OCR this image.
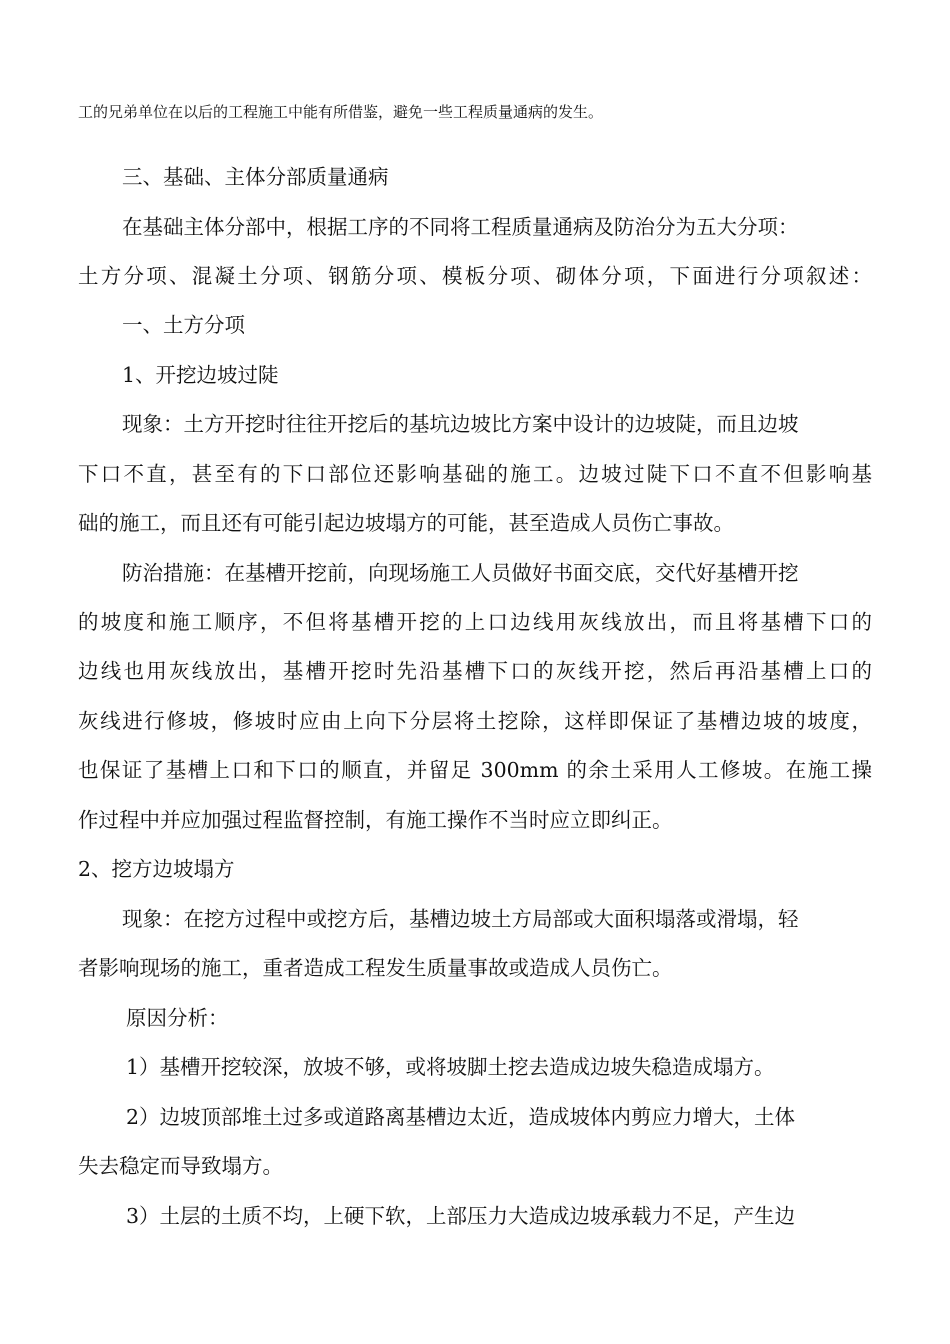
工的兄弟单位在以后的工程施工中能有所借鉴，避免一些工程质量通病的发生。
三、基础、主体分部质量通病
在基础主体分部中，根据工序的不同将工程质量通病及防治分为五大分项：
土方分项、混凝土分项、钢筋分项、模板分项、砌体分项，下面进行分项叙述：
一、土方分项
1、开挖边坡过陡
现象：土方开挖时往往开挖后的基坑边坡比方案中设计的边坡陡，而且边坡
下口不直，甚至有的下口部位还影响基础的施工。边坡过陡下口不直不但影响基
础的施工，而且还有可能引起边坡塌方的可能，甚至造成人员伤亡事故。
防治措施：在基槽开挖前，向现场施工人员做好书面交底，交代好基槽开挖
的坡度和施工顺序，不但将基槽开挖的上口边线用灰线放出，而且将基槽下口的
边线也用灰线放出，基槽开挖时先沿基槽下口的灰线开挖，然后再沿基槽上口的
灰线进行修坡，修坡时应由上向下分层将土挖除，这样即保证了基槽边坡的坡度，
也保证了基槽上口和下口的顺直，并留足 300mm 的余土采用人工修坡。在施工操
作过程中并应加强过程监督控制，有施工操作不当时应立即纠正。
2、挖方边坡塌方
现象：在挖方过程中或挖方后，基槽边坡土方局部或大面积塌落或滑塌，轻
者影响现场的施工，重者造成工程发生质量事故或造成人员伤亡。
原因分析：
1）基槽开挖较深，放坡不够，或将坡脚土挖去造成边坡失稳造成塌方。
2）边坡顶部堆土过多或道路离基槽边太近，造成坡体内剪应力增大，土体
失去稳定而导致塌方。
3）土层的土质不均，上硬下软，上部压力大造成边坡承载力不足，产生边
